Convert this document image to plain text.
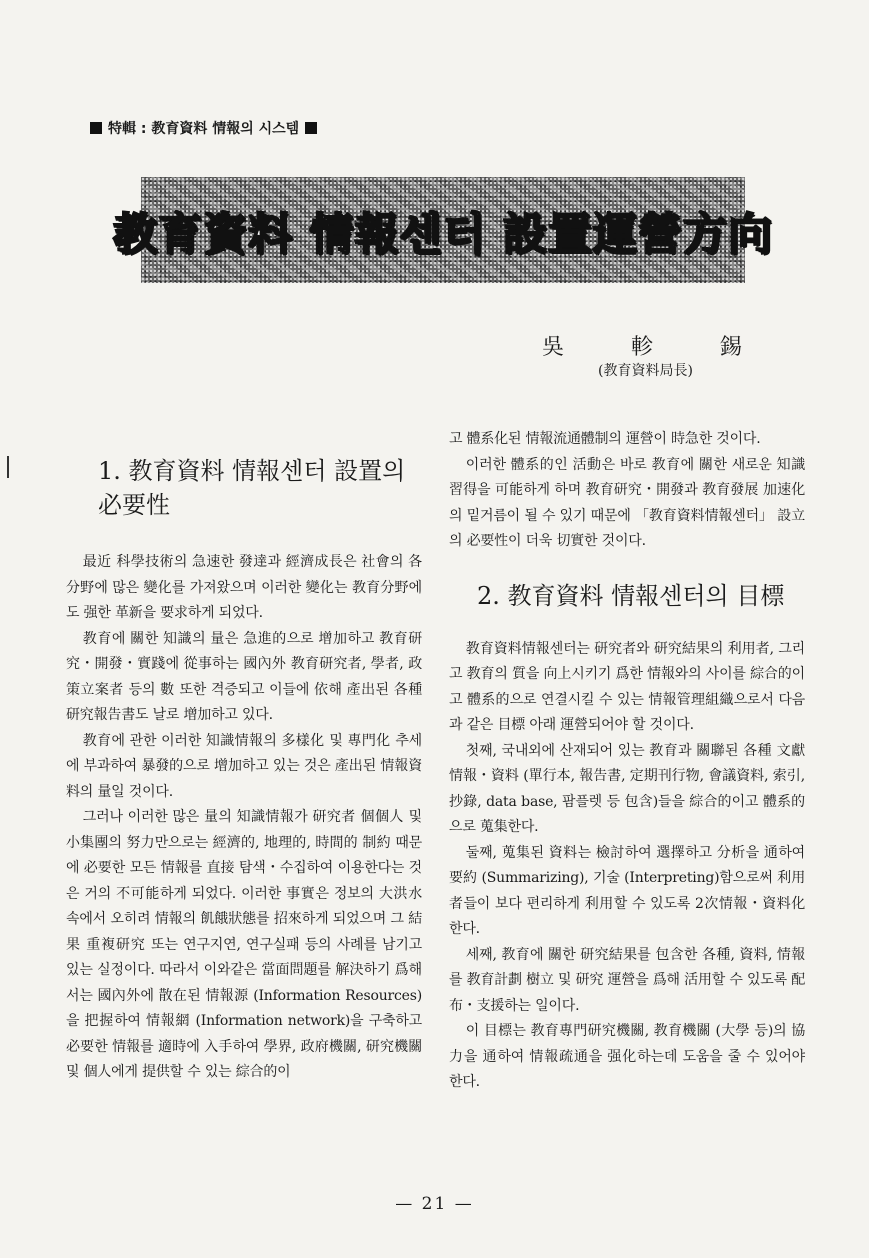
特輯 : 教育資料 情報의 시스템
教育資料 情報센터 設置運營方向
吳	軫	錫
(教育資料局長)
1. 教育資料 情報센터 設置의 必要性

最近 科學技術의 急速한 發達과 經濟成長은 社會의 各 分野에 많은 變化를 가져왔으며 이러한 變化는 教育分野에도 强한 革新을 要求하게 되었다.

教育에 關한 知識의 量은 急進的으로 增加하고 教育研究・開發・實踐에 從事하는 國內外 教育研究者, 學者, 政策立案者 등의 數 또한 격증되고 이들에 依해 產出된 各種 研究報告書도 날로 增加하고 있다.

教育에 관한 이러한 知識情報의 多樣化 및 專門化 추세에 부과하여 暴發的으로 增加하고 있는 것은 產出된 情報資料의 量일 것이다.

그러나 이러한 많은 量의 知識情報가 研究者 個個人 및 小集團의 努力만으로는 經濟的, 地理的, 時間的 制約 때문에 必要한 모든 情報를 直接 탐색・수집하여 이용한다는 것은 거의 不可能하게 되었다. 이러한 事實은 정보의 大洪水 속에서 오히려 情報의 飢餓狀態를 招來하게 되었으며 그 結果 重複研究 또는 연구지연, 연구실패 등의 사례를 남기고 있는 실정이다. 따라서 이와같은 當面問題를 解決하기 爲해서는 國內外에 散在된 情報源 (Information Resources)을 把握하여 情報網 (Information network)을 구축하고 必要한 情報를 適時에 入手하여 學界, 政府機關, 研究機關 및 個人에게 提供할 수 있는 綜合的이

고 體系化된 情報流通體制의 運營이 時急한 것이다.

이러한 體系的인 活動은 바로 教育에 關한 새로운 知識習得을 可能하게 하며 教育研究・開發과 教育發展 加速化의 밑거름이 될 수 있기 때문에 「教育資料情報센터」 設立의 必要性이 더욱 切實한 것이다.

2. 教育資料 情報센터의 目標

教育資料情報센터는 研究者와 研究結果의 利用者, 그리고 教育의 質을 向上시키기 爲한 情報와의 사이를 綜合的이고 體系的으로 연결시킬 수 있는 情報管理組織으로서 다음과 같은 目標 아래 運營되어야 할 것이다.

첫째, 국내외에 산재되어 있는 教育과 關聯된 各種 文獻情報・資料 (單行本, 報告書, 定期刊行物, 會議資料, 索引, 抄錄, data base, 팜플렛 등 包含)들을 綜合的이고 體系的으로 蒐集한다.

둘째, 蒐集된 資料는 檢討하여 選擇하고 分析을 通하여 要約 (Summarizing), 기술 (Interpreting)함으로써 利用者들이 보다 편리하게 利用할 수 있도록 2次情報・資料化한다.

세째, 教育에 關한 研究結果를 包含한 各種, 資料, 情報를 教育計劃 樹立 및 研究 運營을 爲해 活用할 수 있도록 配布・支援하는 일이다.

이 目標는 教育專門研究機關, 教育機關 (大學 등)의 協力을 通하여 情報疏通을 强化하는데 도움을 줄 수 있어야 한다.

— 21 —
